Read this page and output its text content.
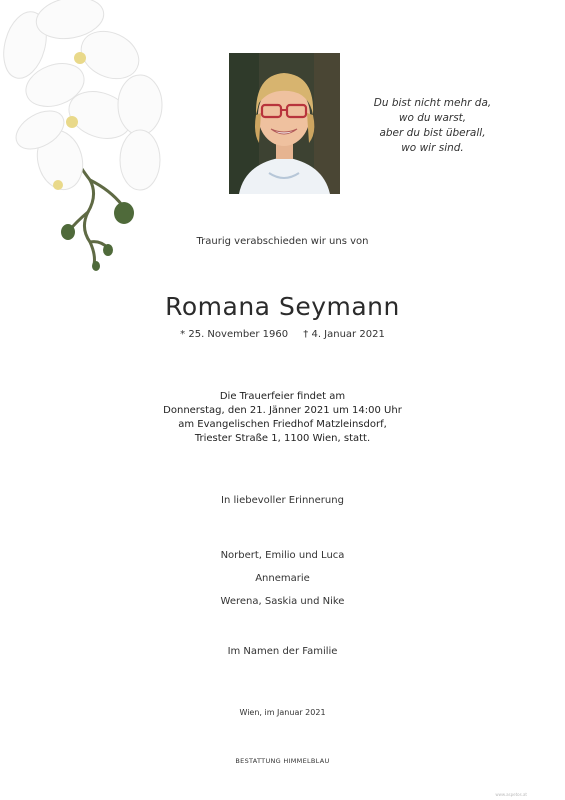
Du bist nicht mehr da,
wo du warst,
aber du bist überall,
wo wir sind.
Traurig verabschieden wir uns von
Romana Seymann
* 25. November 1960 † 4. Januar 2021
Die Trauerfeier findet am
Donnerstag, den 21. Jänner 2021 um 14:00 Uhr
am Evangelischen Friedhof Matzleinsdorf,
Triester Straße 1, 1100 Wien, statt.
In liebevoller Erinnerung
Norbert, Emilio und Luca
Annemarie
Werena, Saskia und Nike
Im Namen der Familie
Wien, im Januar 2021
BESTATTUNG HIMMELBLAU
www.aspetos.at
